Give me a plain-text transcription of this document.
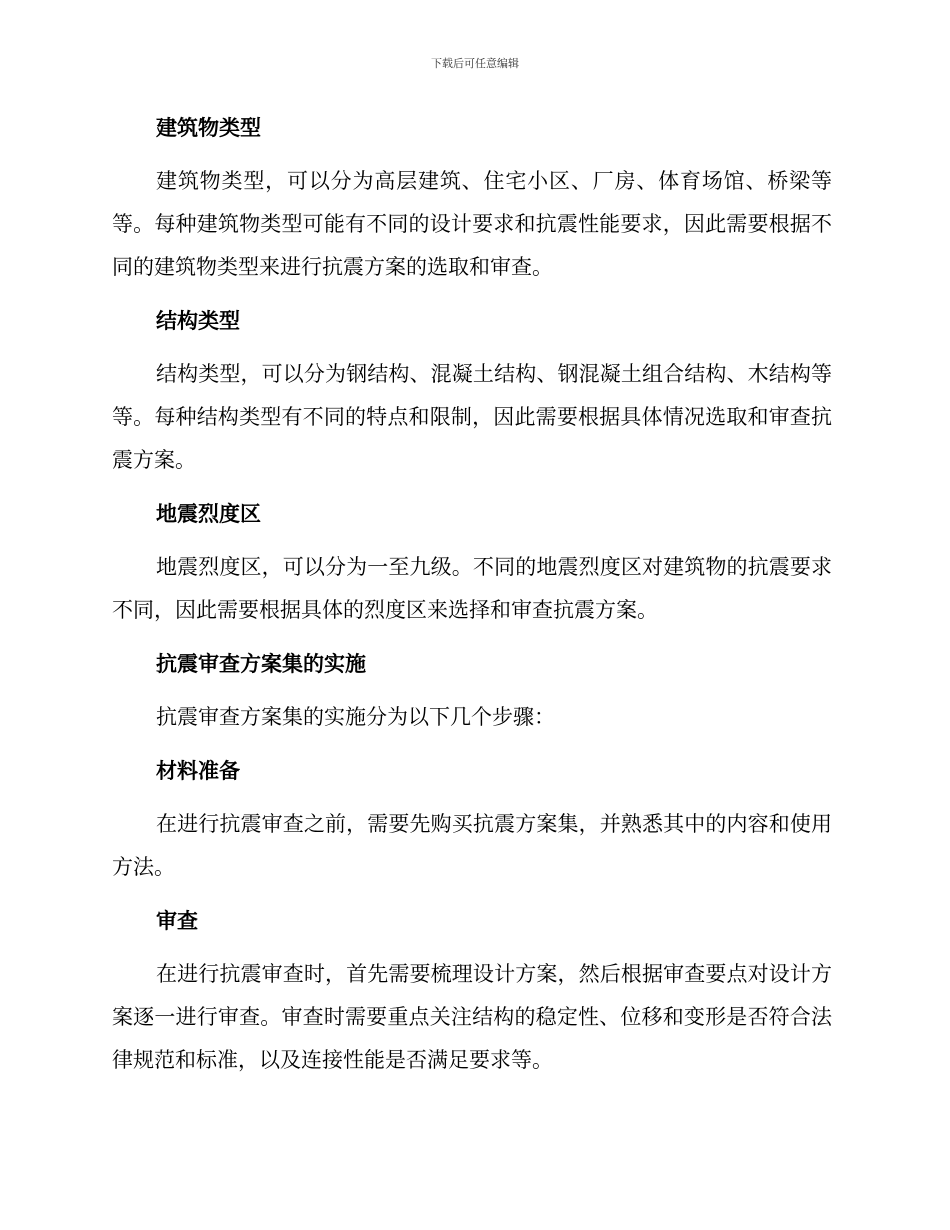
下载后可任意编辑
建筑物类型

建筑物类型，可以分为高层建筑、住宅小区、厂房、体育场馆、桥梁等等。每种建筑物类型可能有不同的设计要求和抗震性能要求，因此需要根据不同的建筑物类型来进行抗震方案的选取和审查。

结构类型

结构类型，可以分为钢结构、混凝土结构、钢混凝土组合结构、木结构等等。每种结构类型有不同的特点和限制，因此需要根据具体情况选取和审查抗震方案。

地震烈度区

地震烈度区，可以分为一至九级。不同的地震烈度区对建筑物的抗震要求不同，因此需要根据具体的烈度区来选择和审查抗震方案。

抗震审查方案集的实施

抗震审查方案集的实施分为以下几个步骤：

材料准备

在进行抗震审查之前，需要先购买抗震方案集，并熟悉其中的内容和使用方法。

审查

在进行抗震审查时，首先需要梳理设计方案，然后根据审查要点对设计方案逐一进行审查。审查时需要重点关注结构的稳定性、位移和变形是否符合法律规范和标准，以及连接性能是否满足要求等。
